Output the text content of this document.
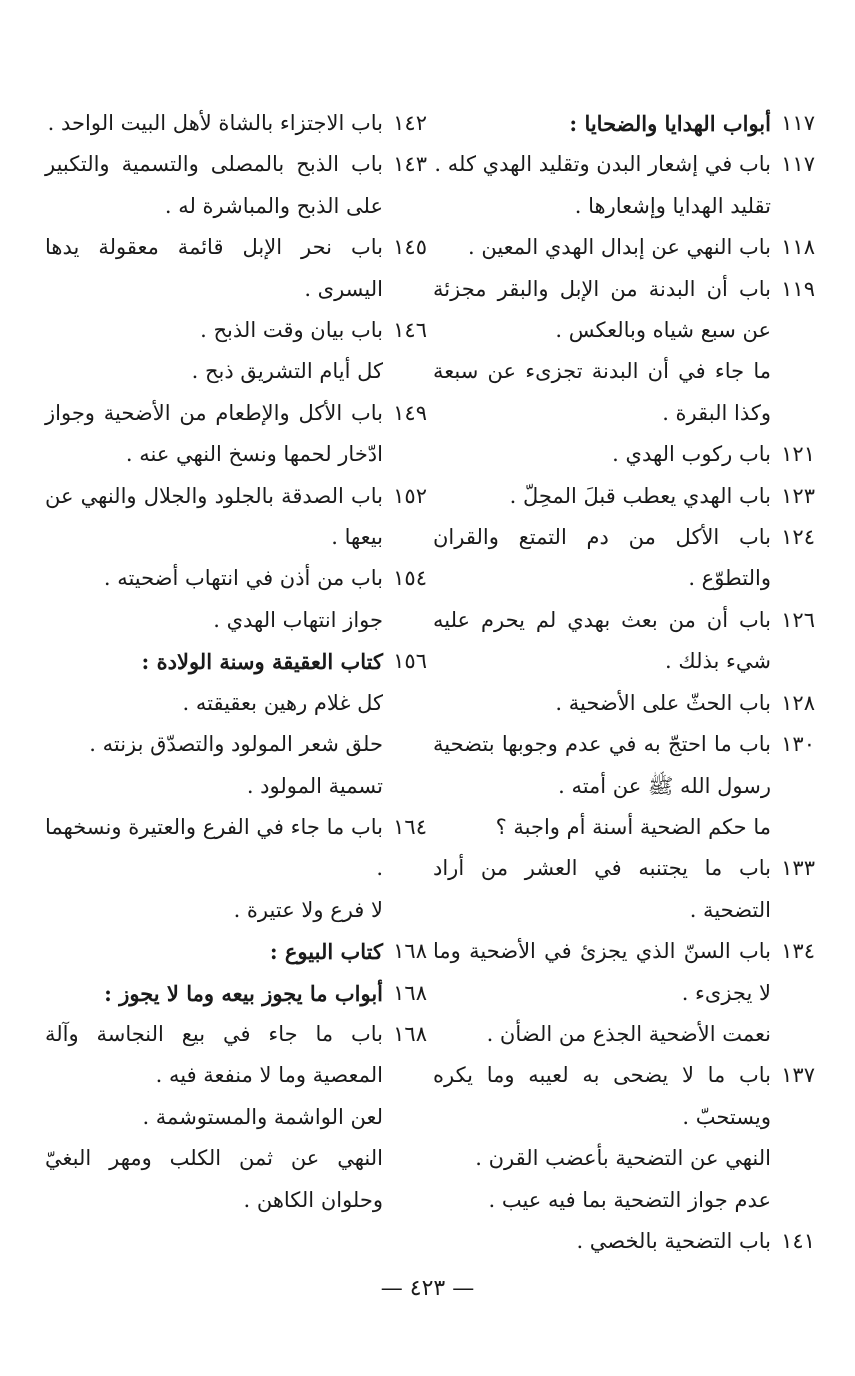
١١٧
أبواب الهدايا والضحايا :
١١٧
باب في إشعار البدن وتقليد الهدي كله .
تقليد الهدايا وإشعارها .
١١٨
باب النهي عن إبدال الهدي المعين .
١١٩
باب أن البدنة من الإبل والبقر مجزئة عن سبع شياه وبالعكس .
ما جاء في أن البدنة تجزىء عن سبعة وكذا البقرة .
١٢١
باب ركوب الهدي .
١٢٣
باب الهدي يعطب قبلَ المحِلّ .
١٢٤
باب الأكل من دم التمتع والقران والتطوّع .
١٢٦
باب أن من بعث بهدي لم يحرم عليه شيء بذلك .
١٢٨
باب الحثّ على الأضحية .
١٣٠
باب ما احتجّ به في عدم وجوبها بتضحية رسول الله ﷺ عن أمته .
ما حكم الضحية أسنة أم واجبة ؟
١٣٣
باب ما يجتنبه في العشر من أراد التضحية .
١٣٤
باب السنّ الذي يجزئ في الأضحية وما لا يجزىء .
نعمت الأضحية الجذع من الضأن .
١٣٧
باب ما لا يضحى به لعيبه وما يكره ويستحبّ .
النهي عن التضحية بأعضب القرن .
عدم جواز التضحية بما فيه عيب .
١٤١
باب التضحية بالخصي .
١٤٢
باب الاجتزاء بالشاة لأهل البيت الواحد .
١٤٣
باب الذبح بالمصلى والتسمية والتكبير على الذبح والمباشرة له .
١٤٥
باب نحر الإبل قائمة معقولة يدها اليسرى .
١٤٦
باب بيان وقت الذبح .
كل أيام التشريق ذبح .
١٤٩
باب الأكل والإطعام من الأضحية وجواز ادّخار لحمها ونسخ النهي عنه .
١٥٢
باب الصدقة بالجلود والجلال والنهي عن بيعها .
١٥٤
باب من أذن في انتهاب أضحيته .
جواز انتهاب الهدي .
١٥٦
كتاب العقيقة وسنة الولادة :
كل غلام رهين بعقيقته .
حلق شعر المولود والتصدّق بزنته .
تسمية المولود .
١٦٤
باب ما جاء في الفرع والعتيرة ونسخهما .
لا فرع ولا عتيرة .
١٦٨
كتاب البيوع :
١٦٨
أبواب ما يجوز بيعه وما لا يجوز :
١٦٨
باب ما جاء في بيع النجاسة وآلة المعصية وما لا منفعة فيه .
لعن الواشمة والمستوشمة .
النهي عن ثمن الكلب ومهر البغيّ وحلوان الكاهن .
— ٤٢٣ —
